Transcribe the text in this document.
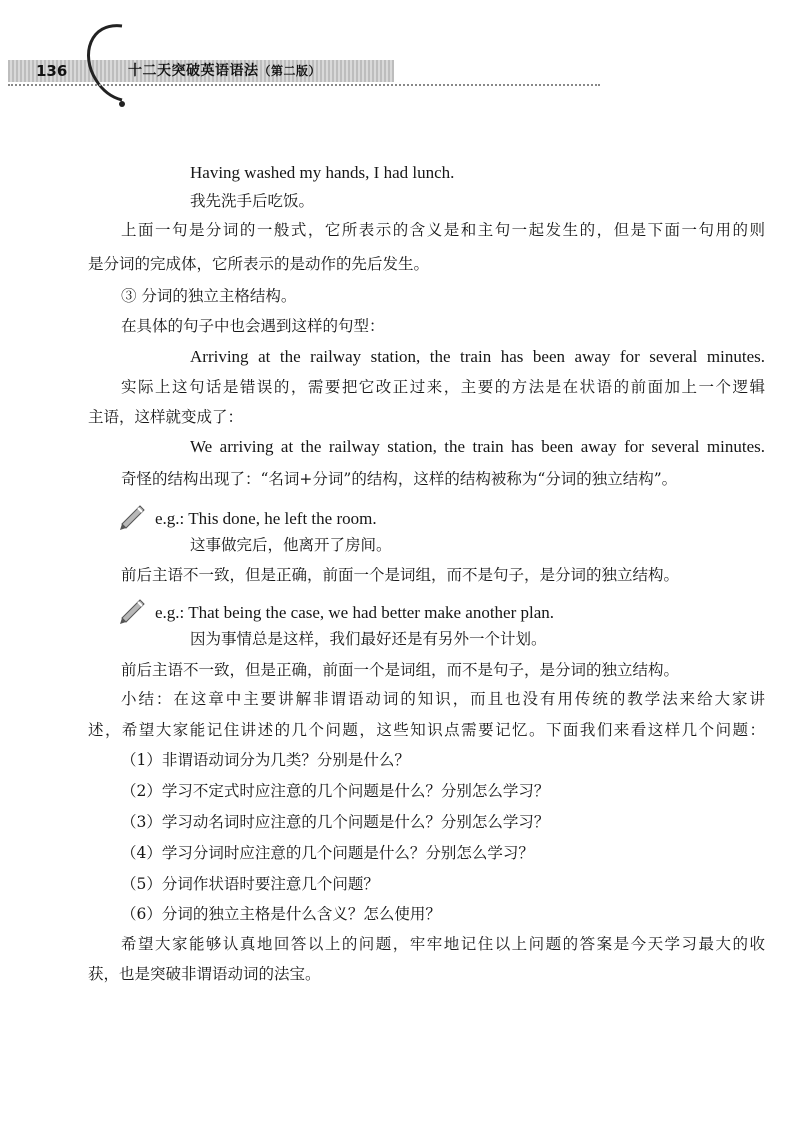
136	十二天突破英语语法（第二版）
Having washed my hands, I had lunch.
我先洗手后吃饭。
上面一句是分词的一般式，它所表示的含义是和主句一起发生的，但是下面一句用的则
是分词的完成体，它所表示的是动作的先后发生。
③ 分词的独立主格结构。
在具体的句子中也会遇到这样的句型：
Arriving at the railway station, the train has been away for several minutes.
实际上这句话是错误的，需要把它改正过来，主要的方法是在状语的前面加上一个逻辑
主语，这样就变成了：
We arriving at the railway station, the train has been away for several minutes.
奇怪的结构出现了：“名词+分词”的结构，这样的结构被称为“分词的独立结构”。
e.g.: This done, he left the room.
这事做完后，他离开了房间。
前后主语不一致，但是正确，前面一个是词组，而不是句子，是分词的独立结构。
e.g.: That being the case, we had better make another plan.
因为事情总是这样，我们最好还是有另外一个计划。
前后主语不一致，但是正确，前面一个是词组，而不是句子，是分词的独立结构。
小结：在这章中主要讲解非谓语动词的知识，而且也没有用传统的教学法来给大家讲
述，希望大家能记住讲述的几个问题，这些知识点需要记忆。下面我们来看这样几个问题：
（1）非谓语动词分为几类？分别是什么？
（2）学习不定式时应注意的几个问题是什么？分别怎么学习？
（3）学习动名词时应注意的几个问题是什么？分别怎么学习？
（4）学习分词时应注意的几个问题是什么？分别怎么学习？
（5）分词作状语时要注意几个问题？
（6）分词的独立主格是什么含义？怎么使用？
希望大家能够认真地回答以上的问题，牢牢地记住以上问题的答案是今天学习最大的收
获，也是突破非谓语动词的法宝。
